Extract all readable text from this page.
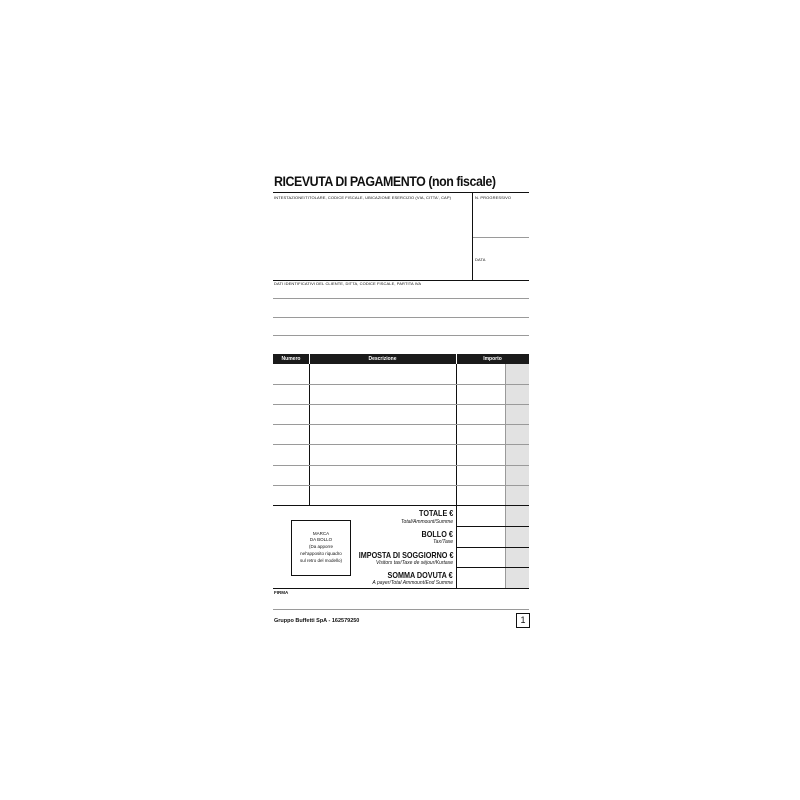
RICEVUTA DI PAGAMENTO (non fiscale)
INTESTAZIONE/TITOLARE, CODICE FISCALE, UBICAZIONE ESERCIZIO (VIA, CITTA', CAP)	N. PROGRESSIVO
DATA
DATI IDENTIFICATIVI DEL CLIENTE, DITTA, CODICE FISCALE, PARTITA IVA
Numero	Descrizione	Importo
TOTALE €
Total/Ammount/Summe
BOLLO €
Tax/Taxe
IMPOSTA DI SOGGIORNO €
Visitors tax/Taxe de séjour/Kurtaxe
SOMMA DOVUTA €
A payer/Total Ammount/End Summe
MARCA
DA BOLLO
(Da apporre
nel'apposito riquadro
sul retro del modello)
FIRMA
Gruppo Buffetti SpA - 162579250	1
